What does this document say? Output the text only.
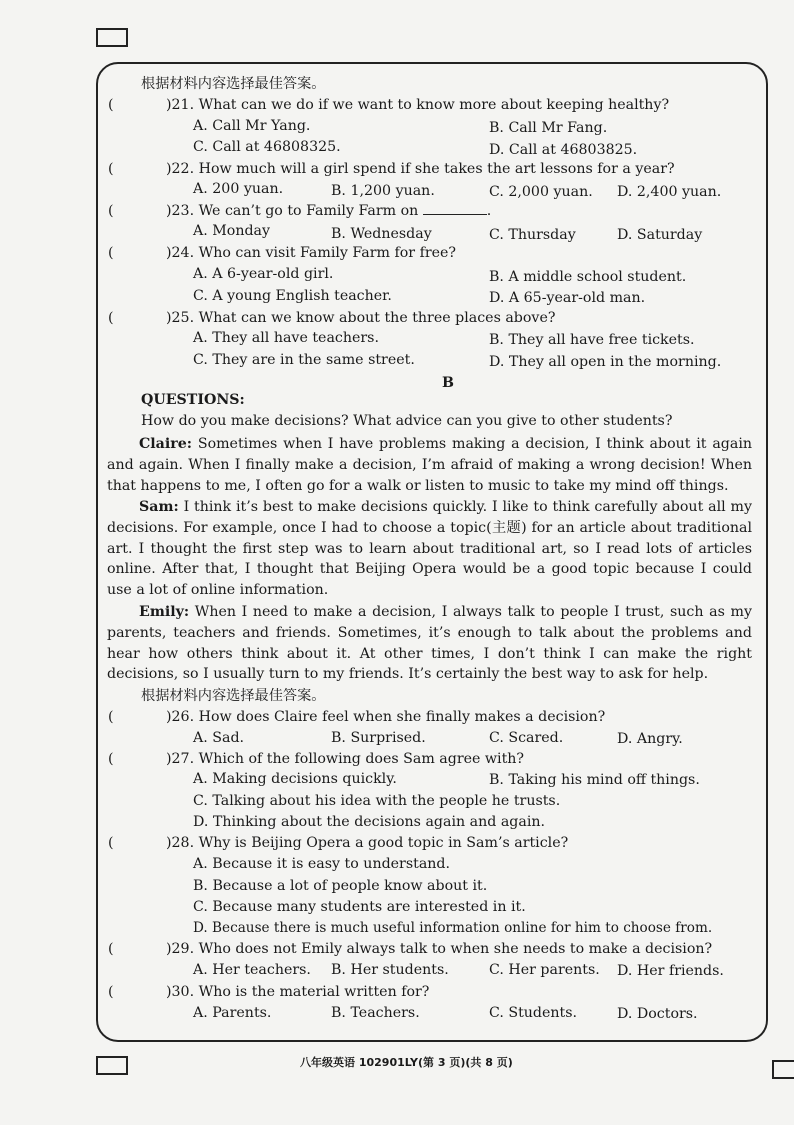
根据材料内容选择最佳答案。
(	)21. What can we do if we want to know more about keeping healthy?
A. Call Mr Yang.	B. Call Mr Fang.
C. Call at 46808325.	D. Call at 46803825.
(	)22. How much will a girl spend if she takes the art lessons for a year?
A. 200 yuan.	B. 1,200 yuan.	C. 2,000 yuan. D. 2,400 yuan.
(	)23. We can’t go to Family Farm on	.
A. Monday	B. Wednesday	C. Thursday	D. Saturday
(	)24. Who can visit Family Farm for free?
A. A 6-year-old girl.	B. A middle school student.
C. A young English teacher.	D. A 65-year-old man.
(	)25. What can we know about the three places above?
A. They all have teachers.	B. They all have free tickets.
C. They are in the same street.	D. They all open in the morning.
B
QUESTIONS:
How do you make decisions? What advice can you give to other students?
Claire: Sometimes when I have problems making a decision, I think about it again and again. When I finally make a decision, I’m afraid of making a wrong decision! When that happens to me, I often go for a walk or listen to music to take my mind off things.
Sam: I think it’s best to make decisions quickly. I like to think carefully about all my decisions. For example, once I had to choose a topic(主题) for an article about traditional art. I thought the first step was to learn about traditional art, so I read lots of articles online. After that, I thought that Beijing Opera would be a good topic because I could use a lot of online information.
Emily: When I need to make a decision, I always talk to people I trust, such as my parents, teachers and friends. Sometimes, it’s enough to talk about the problems and hear how others think about it. At other times, I don’t think I can make the right decisions, so I usually turn to my friends. It’s certainly the best way to ask for help.
根据材料内容选择最佳答案。
(	)26. How does Claire feel when she finally makes a decision?
A. Sad.	B. Surprised.	C. Scared.	D. Angry.
(	)27. Which of the following does Sam agree with?
A. Making decisions quickly.	B. Taking his mind off things.
C. Talking about his idea with the people he trusts.
D. Thinking about the decisions again and again.
(	)28. Why is Beijing Opera a good topic in Sam’s article?
A. Because it is easy to understand.
B. Because a lot of people know about it.
C. Because many students are interested in it.
D. Because there is much useful information online for him to choose from.
(	)29. Who does not Emily always talk to when she needs to make a decision?
A. Her teachers. B. Her students.	C. Her parents. D. Her friends.
(	)30. Who is the material written for?
A. Parents.	B. Teachers.	C. Students.	D. Doctors.
八年级英语 102901LY(第 3 页)(共 8 页)
